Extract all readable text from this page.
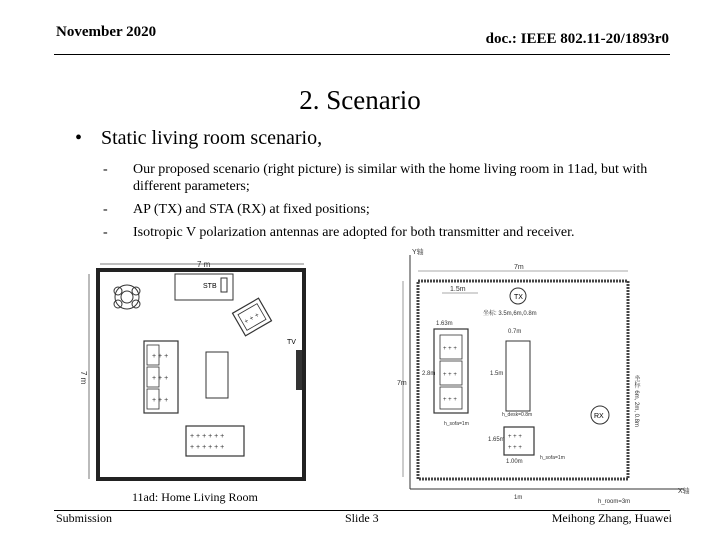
November 2020	doc.: IEEE 802.11-20/1893r0
2. Scenario
• Static living room scenario,
- Our proposed scenario (right picture) is similar with the home living room in 11ad, but with different parameters;
- AP (TX) and STA (RX) at fixed positions;
- Isotropic V polarization antennas are adopted for both transmitter and receiver.
7 m
7 m
STB
+ + +
TV
+ + +
+ + +
+ + +
+ + + + + +
+ + + + + +
11ad: Home Living Room
Y轴
X轴
7m
7m
1.5m
TX
坐标: 3.5m,6m,0.8m
1.63m
0.7m
+ + +
+ + +
+ + +
2.8m	1.5m
h_desk=0.8m
h_sofa=1m
RX	坐标: 6m, 2m, 0.8m
1.65m + + +
+ + +
1.00m
h_sofa=1m
1m
h_room=3m
Submission	Slide 3	Meihong Zhang, Huawei
